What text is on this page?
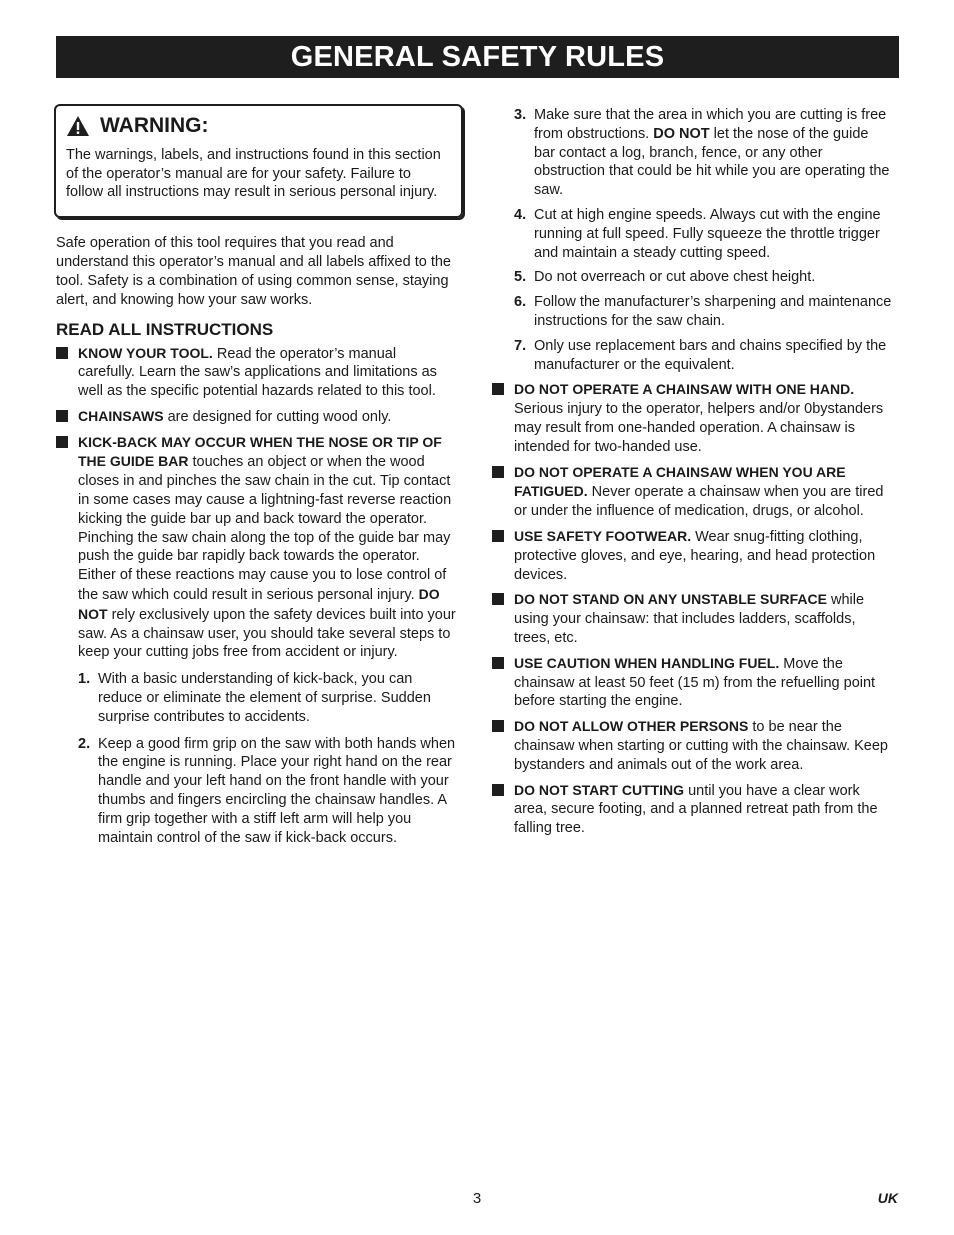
GENERAL SAFETY RULES
WARNING:
The warnings, labels, and instructions found in this section of the operator’s manual are for your safety. Failure to follow all instructions may result in serious personal injury.

Safe operation of this tool requires that you read and understand this operator’s manual and all labels affixed to the tool. Safety is a combination of using common sense, staying alert, and knowing how your saw works.

READ ALL INSTRUCTIONS
KNOW YOUR TOOL. Read the operator’s manual carefully. Learn the saw’s applications and limitations as well as the specific potential hazards related to this tool.
CHAINSAWS are designed for cutting wood only.
KICK-BACK MAY OCCUR WHEN THE NOSE OR TIP OF THE GUIDE BAR touches an object or when the wood closes in and pinches the saw chain in the cut. Tip contact in some cases may cause a lightning-fast reverse reaction kicking the guide bar up and back toward the operator. Pinching the saw chain along the top of the guide bar may push the guide bar rapidly back towards the operator. Either of these reactions may cause you to lose control of the saw which could result in serious personal injury. DO NOT rely exclusively upon the safety devices built into your saw. As a chainsaw user, you should take several steps to keep your cutting jobs free from accident or injury.
1. With a basic understanding of kick-back, you can reduce or eliminate the element of surprise. Sudden surprise contributes to accidents.
2. Keep a good firm grip on the saw with both hands when the engine is running. Place your right hand on the rear handle and your left hand on the front handle with your thumbs and fingers encircling the chainsaw handles. A firm grip together with a stiff left arm will help you maintain control of the saw if kick-back occurs.
3. Make sure that the area in which you are cutting is free from obstructions. DO NOT let the nose of the guide bar contact a log, branch, fence, or any other obstruction that could be hit while you are operating the saw.
4. Cut at high engine speeds. Always cut with the engine running at full speed. Fully squeeze the throttle trigger and maintain a steady cutting speed.
5. Do not overreach or cut above chest height.
6. Follow the manufacturer’s sharpening and maintenance instructions for the saw chain.
7. Only use replacement bars and chains specified by the manufacturer or the equivalent.
DO NOT OPERATE A CHAINSAW WITH ONE HAND. Serious injury to the operator, helpers and/or 0bystanders may result from one-handed operation. A chainsaw is intended for two-handed use.
DO NOT OPERATE A CHAINSAW WHEN YOU ARE FATIGUED. Never operate a chainsaw when you are tired or under the influence of medication, drugs, or alcohol.
USE SAFETY FOOTWEAR. Wear snug-fitting clothing, protective gloves, and eye, hearing, and head protection devices.
DO NOT STAND ON ANY UNSTABLE SURFACE while using your chainsaw: that includes ladders, scaffolds, trees, etc.
USE CAUTION WHEN HANDLING FUEL. Move the chainsaw at least 50 feet (15 m) from the refuelling point before starting the engine.
DO NOT ALLOW OTHER PERSONS to be near the chainsaw when starting or cutting with the chainsaw. Keep bystanders and animals out of the work area.
DO NOT START CUTTING until you have a clear work area, secure footing, and a planned retreat path from the falling tree.
3	UK
